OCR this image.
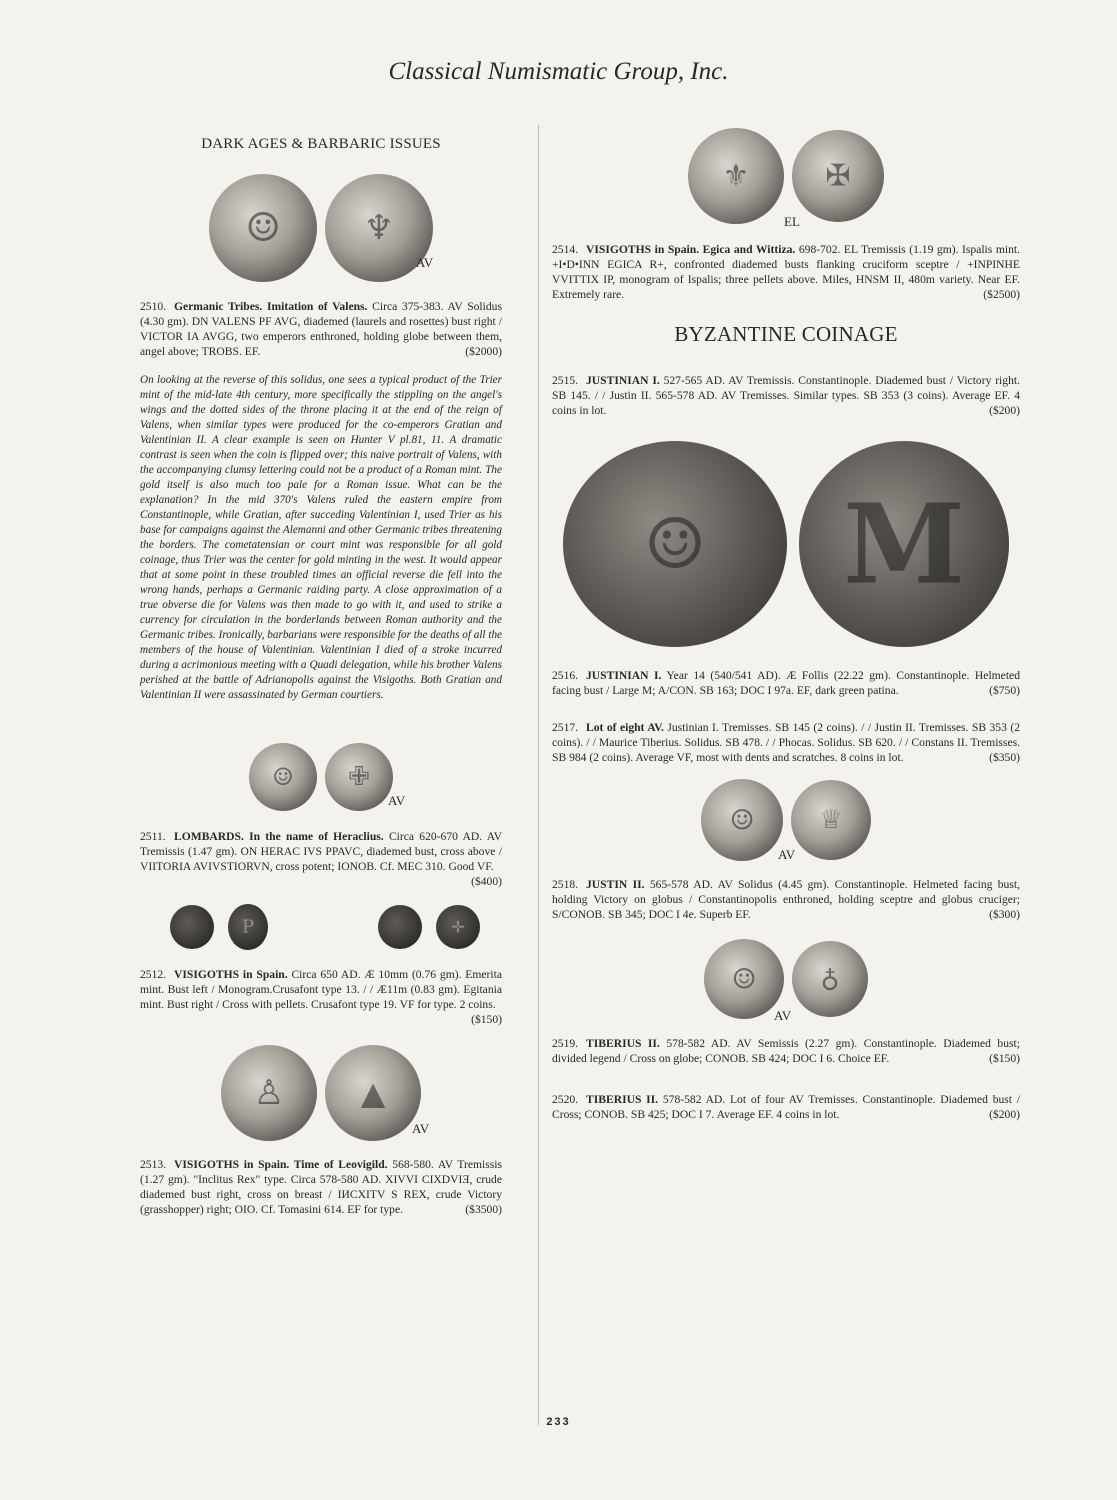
Classical Numismatic Group, Inc.
DARK AGES & BARBARIC ISSUES
☺	♆
AV

2510. Germanic Tribes. Imitation of Valens. Circa 375-383. AV Solidus (4.30 gm). DN VALENS PF AVG, diademed (laurels and rosettes) bust right / VICTOR IA AVGG, two emperors enthroned, holding globe between them, angel above; TROBS. EF.	($2000)

On looking at the reverse of this solidus, one sees a typical product of the Trier mint of the mid-late 4th century, more specifically the stippling on the angel's wings and the dotted sides of the throne placing it at the end of the reign of Valens, when similar types were produced for the co-emperors Gratian and Valentinian II. A clear example is seen on Hunter V pl.81, 11. A dramatic contrast is seen when the coin is flipped over; this naive portrait of Valens, with the accompanying clumsy lettering could not be a product of a Roman mint. The gold itself is also much too pale for a Roman issue. What can be the explanation? In the mid 370's Valens ruled the eastern empire from Constantinople, while Gratian, after succeding Valentinian I, used Trier as his base for campaigns against the Alemanni and other Germanic tribes threatening the borders. The cometatensian or court mint was responsible for all gold coinage, thus Trier was the center for gold minting in the west. It would appear that at some point in these troubled times an official reverse die fell into the wrong hands, perhaps a Germanic raiding party. A close approximation of a true obverse die for Valens was then made to go with it, and used to strike a currency for circulation in the borderlands between Roman authority and the Germanic tribes. Ironically, barbarians were responsible for the deaths of all the members of the house of Valentinian. Valentinian I died of a stroke incurred during a acrimonious meeting with a Quadi delegation, while his brother Valens perished at the battle of Adrianopolis against the Visigoths. Both Gratian and Valentinian II were assassinated by German courtiers.

☺	✙
AV

2511. LOMBARDS. In the name of Heraclius. Circa 620-670 AD. AV Tremissis (1.47 gm). ON HERAC IVS PPAVC, diademed bust, cross above / VIITORIA AVIVSTIORVN, cross potent; IONOB. Cf. MEC 310. Good VF.
($400)

P	✛

2512. VISIGOTHS in Spain. Circa 650 AD. Æ 10mm (0.76 gm). Emerita mint. Bust left / Monogram.Crusafont type 13. / / Æ11m (0.83 gm). Egitania mint. Bust right / Cross with pellets. Crusafont type 19. VF for type. 2 coins.
($150)

♙	▲
AV

2513. VISIGOTHS in Spain. Time of Leovigild. 568-580. AV Tremissis (1.27 gm). "Inclitus Rex" type. Circa 578-580 AD. XIVVI CIXDVIƎ, crude diademed bust right, cross on breast / IИCXITV S REX, crude Victory (grasshopper) right; OIO. Cf. Tomasini 614. EF for type.	($3500)

⚜	✠
EL

2514. VISIGOTHS in Spain. Egica and Wittiza. 698-702. EL Tremissis (1.19 gm). Ispalis mint. +I•D•INN EGICA R+, confronted diademed busts flanking cruciform sceptre / +INPINHE VVITTIX IP, monogram of Ispalis; three pellets above. Miles, HNSM II, 480m variety. Near EF. Extremely rare.	($2500)

BYZANTINE COINAGE

2515. JUSTINIAN I. 527-565 AD. AV Tremissis. Constantinople. Diademed bust / Victory right. SB 145. / / Justin II. 565-578 AD. AV Tremisses. Similar types. SB 353 (3 coins). Average EF. 4 coins in lot.	($200)

☺	M

2516. JUSTINIAN I. Year 14 (540/541 AD). Æ Follis (22.22 gm). Constantinople. Helmeted facing bust / Large M; A/CON. SB 163; DOC I 97a. EF, dark green patina.	($750)

2517. Lot of eight AV. Justinian I. Tremisses. SB 145 (2 coins). / / Justin II. Tremisses. SB 353 (2 coins). / / Maurice Tiberius. Solidus. SB 478. / / Phocas. Solidus. SB 620. / / Constans II. Tremisses. SB 984 (2 coins). Average VF, most with dents and scratches. 8 coins in lot.	($350)

☺	♕
AV

2518. JUSTIN II. 565-578 AD. AV Solidus (4.45 gm). Constantinople. Helmeted facing bust, holding Victory on globus / Constantinopolis enthroned, holding sceptre and globus cruciger; S/CONOB. SB 345; DOC I 4e. Superb EF.	($300)

☺	♁
AV

2519. TIBERIUS II. 578-582 AD. AV Semissis (2.27 gm). Constantinople. Diademed bust; divided legend / Cross on globe; CONOB. SB 424; DOC I 6. Choice EF.	($150)

2520. TIBERIUS II. 578-582 AD. Lot of four AV Tremisses. Constantinople. Diademed bust / Cross; CONOB. SB 425; DOC I 7. Average EF. 4 coins in lot.	($200)

233
